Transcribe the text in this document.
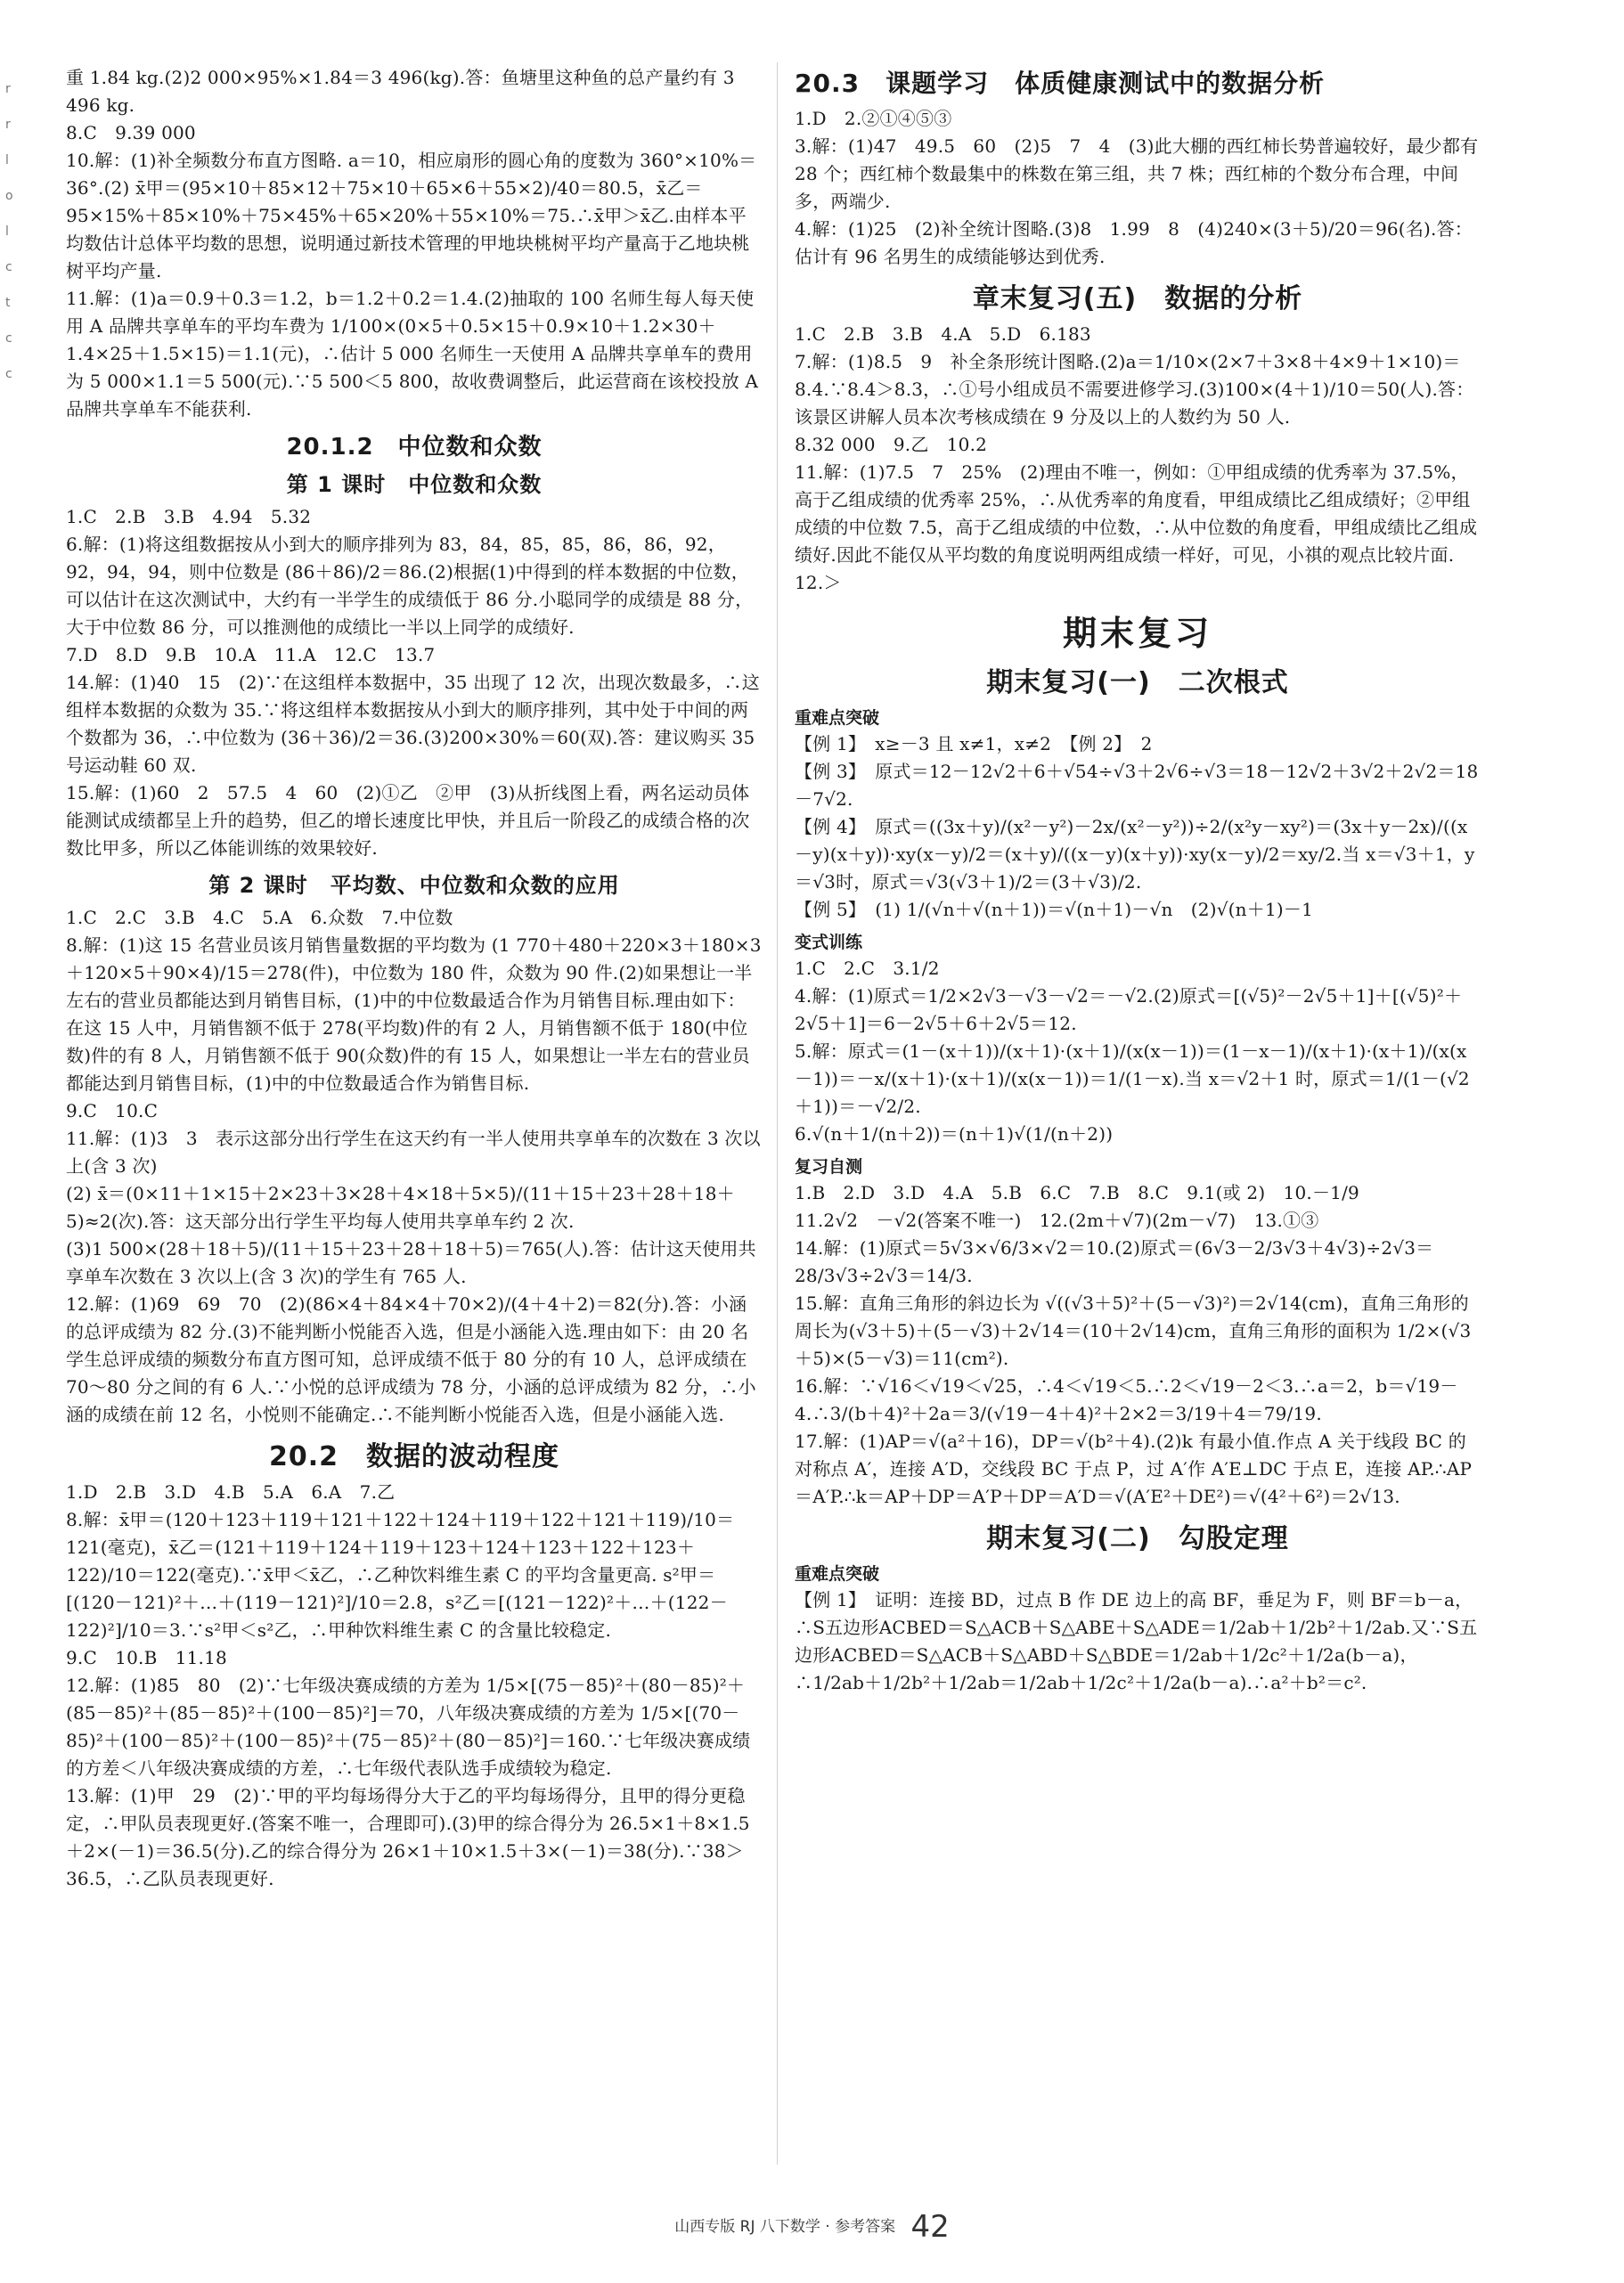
r
r
l
o
l
c
t
c
c

重 1.84 kg.(2)2 000×95%×1.84＝3 496(kg).答：鱼塘里这种鱼的总产量约有 3 496 kg.

8.C　9.39 000

10.解：(1)补全频数分布直方图略. a＝10，相应扇形的圆心角的度数为 360°×10%＝36°.(2) x̄甲＝(95×10＋85×12＋75×10＋65×6＋55×2)/40＝80.5，x̄乙＝95×15%＋85×10%＋75×45%＋65×20%＋55×10%＝75.∴x̄甲＞x̄乙.由样本平均数估计总体平均数的思想，说明通过新技术管理的甲地块桃树平均产量高于乙地块桃树平均产量.

11.解：(1)a＝0.9＋0.3＝1.2，b＝1.2＋0.2＝1.4.(2)抽取的 100 名师生每人每天使用 A 品牌共享单车的平均车费为 1/100×(0×5＋0.5×15＋0.9×10＋1.2×30＋1.4×25＋1.5×15)＝1.1(元)，∴估计 5 000 名师生一天使用 A 品牌共享单车的费用为 5 000×1.1＝5 500(元).∵5 500＜5 800，故收费调整后，此运营商在该校投放 A 品牌共享单车不能获利.

20.1.2　中位数和众数
第 1 课时　中位数和众数

1.C　2.B　3.B　4.94　5.32

6.解：(1)将这组数据按从小到大的顺序排列为 83，84，85，85，86，86，92，92，94，94，则中位数是 (86＋86)/2＝86.(2)根据(1)中得到的样本数据的中位数，可以估计在这次测试中，大约有一半学生的成绩低于 86 分.小聪同学的成绩是 88 分，大于中位数 86 分，可以推测他的成绩比一半以上同学的成绩好.

7.D　8.D　9.B　10.A　11.A　12.C　13.7

14.解：(1)40　15　(2)∵在这组样本数据中，35 出现了 12 次，出现次数最多，∴这组样本数据的众数为 35.∵将这组样本数据按从小到大的顺序排列，其中处于中间的两个数都为 36，∴中位数为 (36＋36)/2＝36.(3)200×30%＝60(双).答：建议购买 35 号运动鞋 60 双.

15.解：(1)60　2　57.5　4　60　(2)①乙　②甲　(3)从折线图上看，两名运动员体能测试成绩都呈上升的趋势，但乙的增长速度比甲快，并且后一阶段乙的成绩合格的次数比甲多，所以乙体能训练的效果较好.

第 2 课时　平均数、中位数和众数的应用

1.C　2.C　3.B　4.C　5.A　6.众数　7.中位数

8.解：(1)这 15 名营业员该月销售量数据的平均数为 (1 770＋480＋220×3＋180×3＋120×5＋90×4)/15＝278(件)，中位数为 180 件，众数为 90 件.(2)如果想让一半左右的营业员都能达到月销售目标，(1)中的中位数最适合作为月销售目标.理由如下：在这 15 人中，月销售额不低于 278(平均数)件的有 2 人，月销售额不低于 180(中位数)件的有 8 人，月销售额不低于 90(众数)件的有 15 人，如果想让一半左右的营业员都能达到月销售目标，(1)中的中位数最适合作为销售目标.

9.C　10.C

11.解：(1)3　3　表示这部分出行学生在这天约有一半人使用共享单车的次数在 3 次以上(含 3 次)

(2) x̄＝(0×11＋1×15＋2×23＋3×28＋4×18＋5×5)/(11＋15＋23＋28＋18＋5)≈2(次).答：这天部分出行学生平均每人使用共享单车约 2 次.

(3)1 500×(28＋18＋5)/(11＋15＋23＋28＋18＋5)＝765(人).答：估计这天使用共享单车次数在 3 次以上(含 3 次)的学生有 765 人.

12.解：(1)69　69　70　(2)(86×4＋84×4＋70×2)/(4＋4＋2)＝82(分).答：小涵的总评成绩为 82 分.(3)不能判断小悦能否入选，但是小涵能入选.理由如下：由 20 名学生总评成绩的频数分布直方图可知，总评成绩不低于 80 分的有 10 人，总评成绩在 70～80 分之间的有 6 人.∵小悦的总评成绩为 78 分，小涵的总评成绩为 82 分，∴小涵的成绩在前 12 名，小悦则不能确定.∴不能判断小悦能否入选，但是小涵能入选.

20.2　数据的波动程度

1.D　2.B　3.D　4.B　5.A　6.A　7.乙

8.解：x̄甲＝(120＋123＋119＋121＋122＋124＋119＋122＋121＋119)/10＝121(毫克)，x̄乙＝(121＋119＋124＋119＋123＋124＋123＋122＋123＋122)/10＝122(毫克).∵x̄甲＜x̄乙，∴乙种饮料维生素 C 的平均含量更高. s²甲＝[(120－121)²＋…＋(119－121)²]/10＝2.8，s²乙＝[(121－122)²＋…＋(122－122)²]/10＝3.∵s²甲＜s²乙，∴甲种饮料维生素 C 的含量比较稳定.

9.C　10.B　11.18

12.解：(1)85　80　(2)∵七年级决赛成绩的方差为 1/5×[(75－85)²＋(80－85)²＋(85－85)²＋(85－85)²＋(100－85)²]＝70，八年级决赛成绩的方差为 1/5×[(70－85)²＋(100－85)²＋(100－85)²＋(75－85)²＋(80－85)²]＝160.∵七年级决赛成绩的方差＜八年级决赛成绩的方差，∴七年级代表队选手成绩较为稳定.

13.解：(1)甲　29　(2)∵甲的平均每场得分大于乙的平均每场得分，且甲的得分更稳定，∴甲队员表现更好.(答案不唯一，合理即可).(3)甲的综合得分为 26.5×1＋8×1.5＋2×(－1)＝36.5(分).乙的综合得分为 26×1＋10×1.5＋3×(－1)＝38(分).∵38＞36.5，∴乙队员表现更好.

20.3　课题学习　体质健康测试中的数据分析

1.D　2.②①④⑤③

3.解：(1)47　49.5　60　(2)5　7　4　(3)此大棚的西红柿长势普遍较好，最少都有 28 个；西红柿个数最集中的株数在第三组，共 7 株；西红柿的个数分布合理，中间多，两端少.

4.解：(1)25　(2)补全统计图略.(3)8　1.99　8　(4)240×(3＋5)/20＝96(名).答：估计有 96 名男生的成绩能够达到优秀.

章末复习(五)　数据的分析

1.C　2.B　3.B　4.A　5.D　6.183

7.解：(1)8.5　9　补全条形统计图略.(2)a＝1/10×(2×7＋3×8＋4×9＋1×10)＝8.4.∵8.4＞8.3，∴①号小组成员不需要进修学习.(3)100×(4＋1)/10＝50(人).答：该景区讲解人员本次考核成绩在 9 分及以上的人数约为 50 人.

8.32 000　9.乙　10.2

11.解：(1)7.5　7　25%　(2)理由不唯一，例如：①甲组成绩的优秀率为 37.5%，高于乙组成绩的优秀率 25%，∴从优秀率的角度看，甲组成绩比乙组成绩好；②甲组成绩的中位数 7.5，高于乙组成绩的中位数，∴从中位数的角度看，甲组成绩比乙组成绩好.因此不能仅从平均数的角度说明两组成绩一样好，可见，小祺的观点比较片面.

12.＞

期末复习
期末复习(一)　二次根式
重难点突破

【例 1】　x≥－3 且 x≠1，x≠2　【例 2】　2

【例 3】　原式＝12－12√2＋6＋√54÷√3＋2√6÷√3＝18－12√2＋3√2＋2√2＝18－7√2.

【例 4】　原式＝((3x＋y)/(x²－y²)－2x/(x²－y²))÷2/(x²y－xy²)＝(3x＋y－2x)/((x－y)(x＋y))·xy(x－y)/2＝(x＋y)/((x－y)(x＋y))·xy(x－y)/2＝xy/2.当 x＝√3＋1，y＝√3时，原式＝√3(√3＋1)/2＝(3＋√3)/2.

【例 5】　(1) 1/(√n＋√(n＋1))＝√(n＋1)－√n　(2)√(n＋1)－1

变式训练

1.C　2.C　3.1/2

4.解：(1)原式＝1/2×2√3－√3－√2＝－√2.(2)原式＝[(√5)²－2√5＋1]＋[(√5)²＋2√5＋1]＝6－2√5＋6＋2√5＝12.

5.解：原式＝(1－(x＋1))/(x＋1)·(x＋1)/(x(x－1))＝(1－x－1)/(x＋1)·(x＋1)/(x(x－1))＝－x/(x＋1)·(x＋1)/(x(x－1))＝1/(1－x).当 x＝√2＋1 时，原式＝1/(1－(√2＋1))＝－√2/2.

6.√(n＋1/(n＋2))＝(n＋1)√(1/(n＋2))

复习自测

1.B　2.D　3.D　4.A　5.B　6.C　7.B　8.C　9.1(或 2)　10.－1/9

11.2√2　－√2(答案不唯一)　12.(2m＋√7)(2m－√7)　13.①③

14.解：(1)原式＝5√3×√6/3×√2＝10.(2)原式＝(6√3－2/3√3＋4√3)÷2√3＝28/3√3÷2√3＝14/3.

15.解：直角三角形的斜边长为 √((√3＋5)²＋(5－√3)²)＝2√14(cm)，直角三角形的周长为(√3＋5)＋(5－√3)＋2√14＝(10＋2√14)cm，直角三角形的面积为 1/2×(√3＋5)×(5－√3)＝11(cm²).

16.解：∵√16＜√19＜√25，∴4＜√19＜5.∴2＜√19－2＜3.∴a＝2，b＝√19－4.∴3/(b＋4)²＋2a＝3/(√19－4＋4)²＋2×2＝3/19＋4＝79/19.

17.解：(1)AP＝√(a²＋16)，DP＝√(b²＋4).(2)k 有最小值.作点 A 关于线段 BC 的对称点 A′，连接 A′D，交线段 BC 于点 P，过 A′作 A′E⊥DC 于点 E，连接 AP.∴AP＝A′P.∴k＝AP＋DP＝A′P＋DP＝A′D＝√(A′E²＋DE²)＝√(4²＋6²)＝2√13.

期末复习(二)　勾股定理
重难点突破

【例 1】　证明：连接 BD，过点 B 作 DE 边上的高 BF，垂足为 F，则 BF＝b－a，∴S五边形ACBED＝S△ACB＋S△ABE＋S△ADE＝1/2ab＋1/2b²＋1/2ab.又∵S五边形ACBED＝S△ACB＋S△ABD＋S△BDE＝1/2ab＋1/2c²＋1/2a(b－a)，∴1/2ab＋1/2b²＋1/2ab＝1/2ab＋1/2c²＋1/2a(b－a).∴a²＋b²＝c².

山西专版 RJ 八下数学 · 参考答案 42
